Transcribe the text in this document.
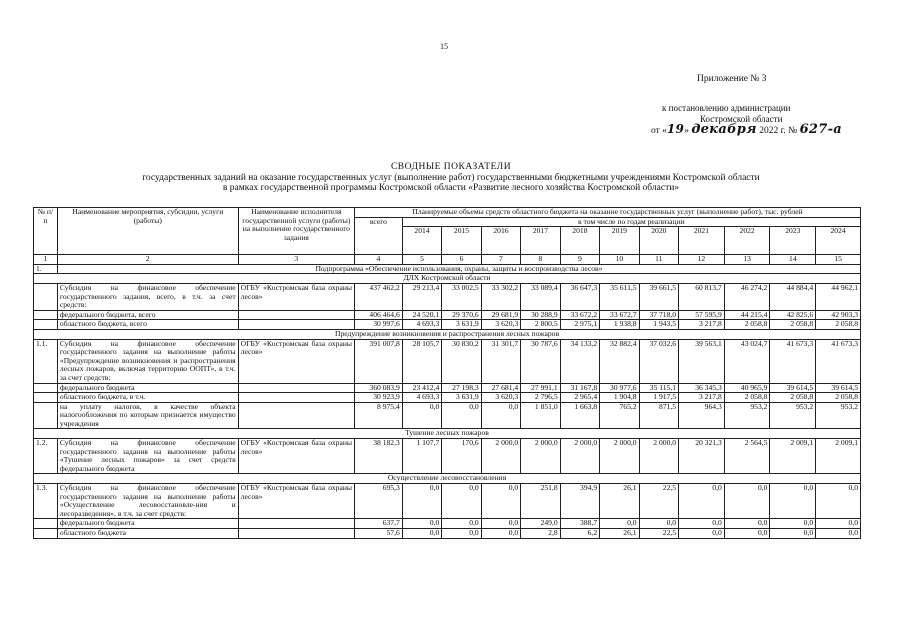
15
Приложение № 3
к постановлению администрации
Костромской области
от «19» декабря 2022 г. № 627-а
СВОДНЫЕ ПОКАЗАТЕЛИ
государственных заданий на оказание государственных услуг (выполнение работ) государственными бюджетными учреждениями Костромской области
в рамках государственной программы Костромской области «Развитие лесного хозяйства Костромской области»
№ п/п	Наименование мероприятия, субсидии, услуги (работы)	Наименование исполнителя государственной услуги (работы) на выполнение государственного задания	Планируемые объемы средств областного бюджета на оказание государственных услуг (выполнение работ), тыс. рублей											
			всего	в том числе по годам реализации										
				2014	2015	2016	2017	2018	2019	2020	2021	2022	2023	2024
1	2	3	4	5	6	7	8	9	10	11	12	13	14	15
1.	Подпрограмма «Обеспечение использования, охраны, защиты и воспроизводства лесов»													
ДЛХ Костромской области														
	Субсидия на финансовое обеспечение государственного задания, всего, в т.ч. за счет средств:	ОГБУ «Костромская база охраны лесов»	437 462,2	29 213,4	33 002,5	33 302,2	33 089,4	36 647,3	35 611,5	39 661,5	60 813,7	46 274,2	44 884,4	44 962,1
	федерального бюджета, всего		406 464,6	24 520,1	29 370,6	29 681,9	30 288,9	33 672,2	33 672,7	37 718,0	57 595,9	44 215,4	42 825,6	42 903,3
	областного бюджета, всего		30 997,6	4 693,3	3 631,9	3 620,3	2 800,5	2 975,1	1 938,8	1 943,5	3 217,8	2 058,8	2 058,8	2 058,8
Предупреждение возникновения и распространения лесных пожаров														
1.1.	Субсидия на финансовое обеспечение государственного задания на выполнение работы «Предупреждение возникновения и распространения лесных пожаров, включая территорию ООПТ», в т.ч. за счет средств:	ОГБУ «Костромская база охраны лесов»	391 007,8	28 105,7	30 830,2	31 301,7	30 787,6	34 133,2	32 882,4	37 032,6	39 563,1	43 024,7	41 673,3	41 673,3
	федерального бюджета		360 083,9	23 412,4	27 198,3	27 681,4	27 991,1	31 167,8	30 977,6	35 115,1	36 345,3	40 965,9	39 614,5	39 614,5
	областного бюджета, в т.ч.		30 923,9	4 693,3	3 631,9	3 620,3	2 796,5	2 965,4	1 904,8	1 917,5	3 217,8	2 058,8	2 058,8	2 058,8
	на уплату налогов, в качестве объекта налогообложения по которым признается имущество учреждения		8 975,4	0,0	0,0	0,0	1 851,0	1 663,8	765,2	871,5	964,3	953,2	953,2	953,2
Тушение лесных пожаров														
1.2.	Субсидия на финансовое обеспечение государственного задания на выполнение работы «Тушение лесных пожаров» за счет средств федерального бюджета	ОГБУ «Костромская база охраны лесов»	38 182,3	1 107,7	170,6	2 000,0	2 000,0	2 000,0	2 000,0	2 000,0	20 321,3	2 564,5	2 009,1	2 009,1
Осуществление лесовосстановления														
1.3.	Субсидия на финансовое обеспечение государственного задания на выполнение работы «Осуществление лесовосстановле-ния и лесоразведения», в т.ч. за счет средств:	ОГБУ «Костромская база охраны лесов»	695,3	0,0	0,0	0,0	251,8	394,9	26,1	22,5	0,0	0,0	0,0	0,0
	федерального бюджета		637,7	0,0	0,0	0,0	249,0	388,7	0,0	0,0	0,0	0,0	0,0	0,0
	областного бюджета		57,6	0,0	0,0	0,0	2,8	6,2	26,1	22,5	0,0	0,0	0,0	0,0
